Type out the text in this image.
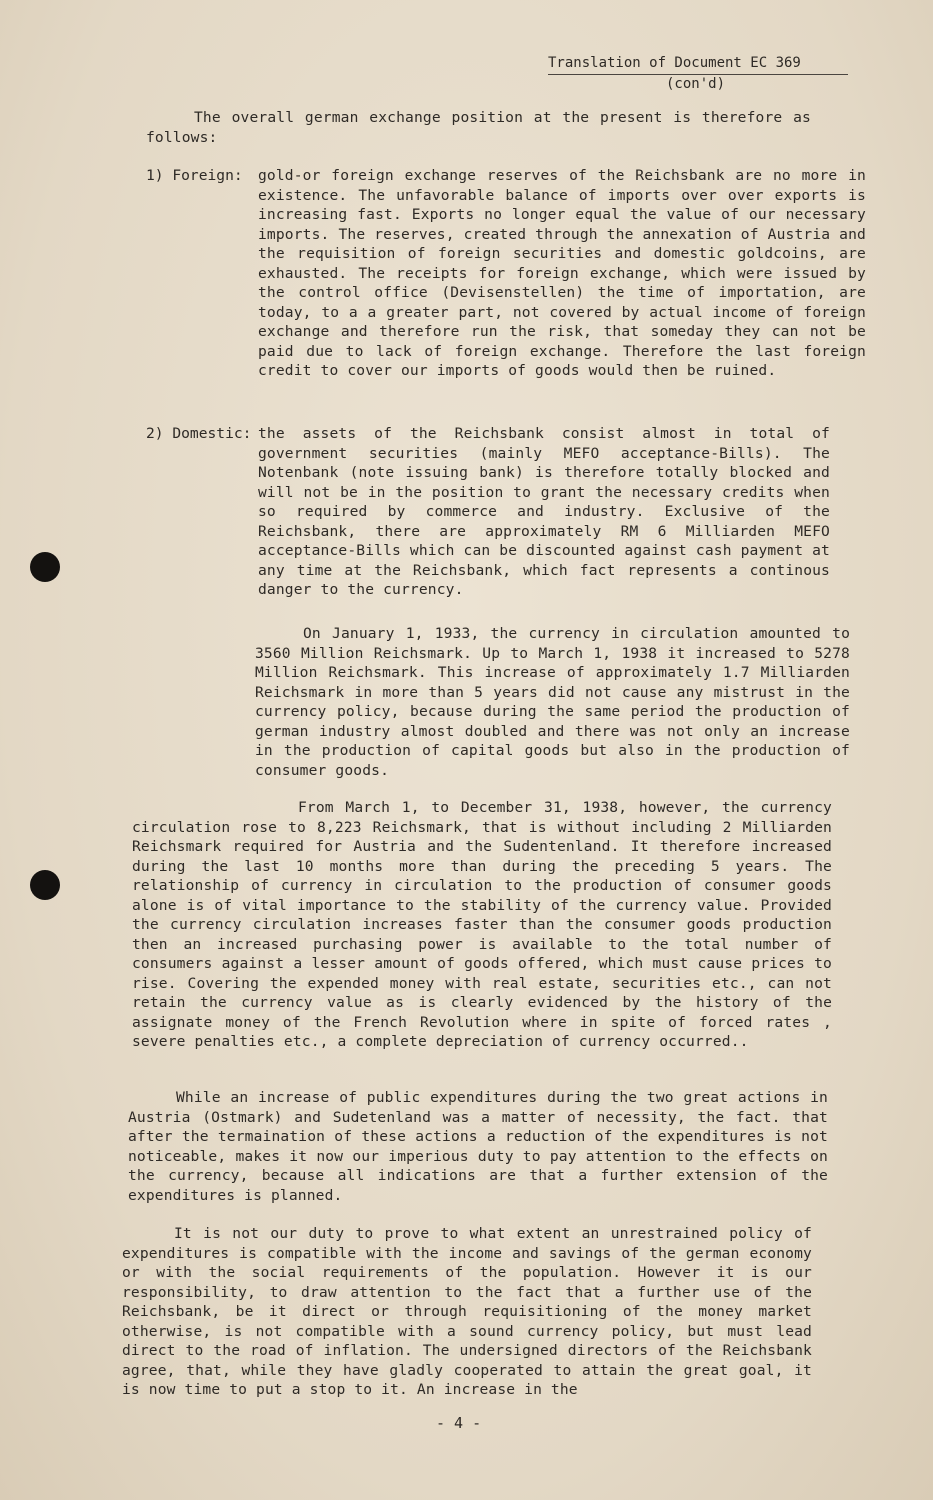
Translation of Document EC 369
(con'd)
The overall german exchange position at the present is therefore as follows:
1) Foreign: gold-or foreign exchange reserves of the Reichsbank are no more in existence. The unfavorable balance of imports over over exports is increasing fast. Exports no longer equal the value of our necessary imports. The reserves, created through the annexation of Austria and the requisition of foreign securities and domestic goldcoins, are exhausted. The receipts for foreign exchange, which were issued by the control office (Devisenstellen) the time of importation, are today, to a a greater part, not covered by actual income of foreign exchange and therefore run the risk, that someday they can not be paid due to lack of foreign exchange. Therefore the last foreign credit to cover our imports of goods would then be ruined.
2) Domestic: the assets of the Reichsbank consist almost in total of government securities (mainly MEFO acceptance-Bills). The Notenbank (note issuing bank) is therefore totally blocked and will not be in the position to grant the necessary credits when so required by commerce and industry. Exclusive of the Reichsbank, there are approximately RM 6 Milliarden MEFO acceptance-Bills which can be discounted against cash payment at any time at the Reichsbank, which fact represents a continous danger to the currency.
On January 1, 1933, the currency in circulation amounted to 3560 Million Reichsmark. Up to March 1, 1938 it increased to 5278 Million Reichsmark. This increase of approximately 1.7 Milliarden Reichsmark in more than 5 years did not cause any mistrust in the currency policy, because during the same period the production of german industry almost doubled and there was not only an increase in the production of capital goods but also in the production of consumer goods.
From March 1, to December 31, 1938, however, the currency circulation rose to 8,223 Reichsmark, that is without including 2 Milliarden Reichsmark required for Austria and the Sudentenland. It therefore increased during the last 10 months more than during the preceding 5 years. The relationship of currency in circulation to the production of consumer goods alone is of vital importance to the stability of the currency value. Provided the currency circulation increases faster than the consumer goods production then an increased purchasing power is available to the total number of consumers against a lesser amount of goods offered, which must cause prices to rise. Covering the expended money with real estate, securities etc., can not retain the currency value as is clearly evidenced by the history of the assignate money of the French Revolution where in spite of forced rates , severe penalties etc., a complete depreciation of currency occurred..
While an increase of public expenditures during the two great actions in Austria (Ostmark) and Sudetenland was a matter of necessity, the fact. that after the termaination of these actions a reduction of the expenditures is not noticeable, makes it now our imperious duty to pay attention to the effects on the currency, because all indications are that a further extension of the expenditures is planned.
It is not our duty to prove to what extent an unrestrained policy of expenditures is compatible with the income and savings of the german economy or with the social requirements of the population. However it is our responsibility, to draw attention to the fact that a further use of the Reichsbank, be it direct or through requisitioning of the money market otherwise, is not compatible with a sound currency policy, but must lead direct to the road of inflation. The undersigned directors of the Reichsbank agree, that, while they have gladly cooperated to attain the great goal, it is now time to put a stop to it. An increase in the
- 4 -
